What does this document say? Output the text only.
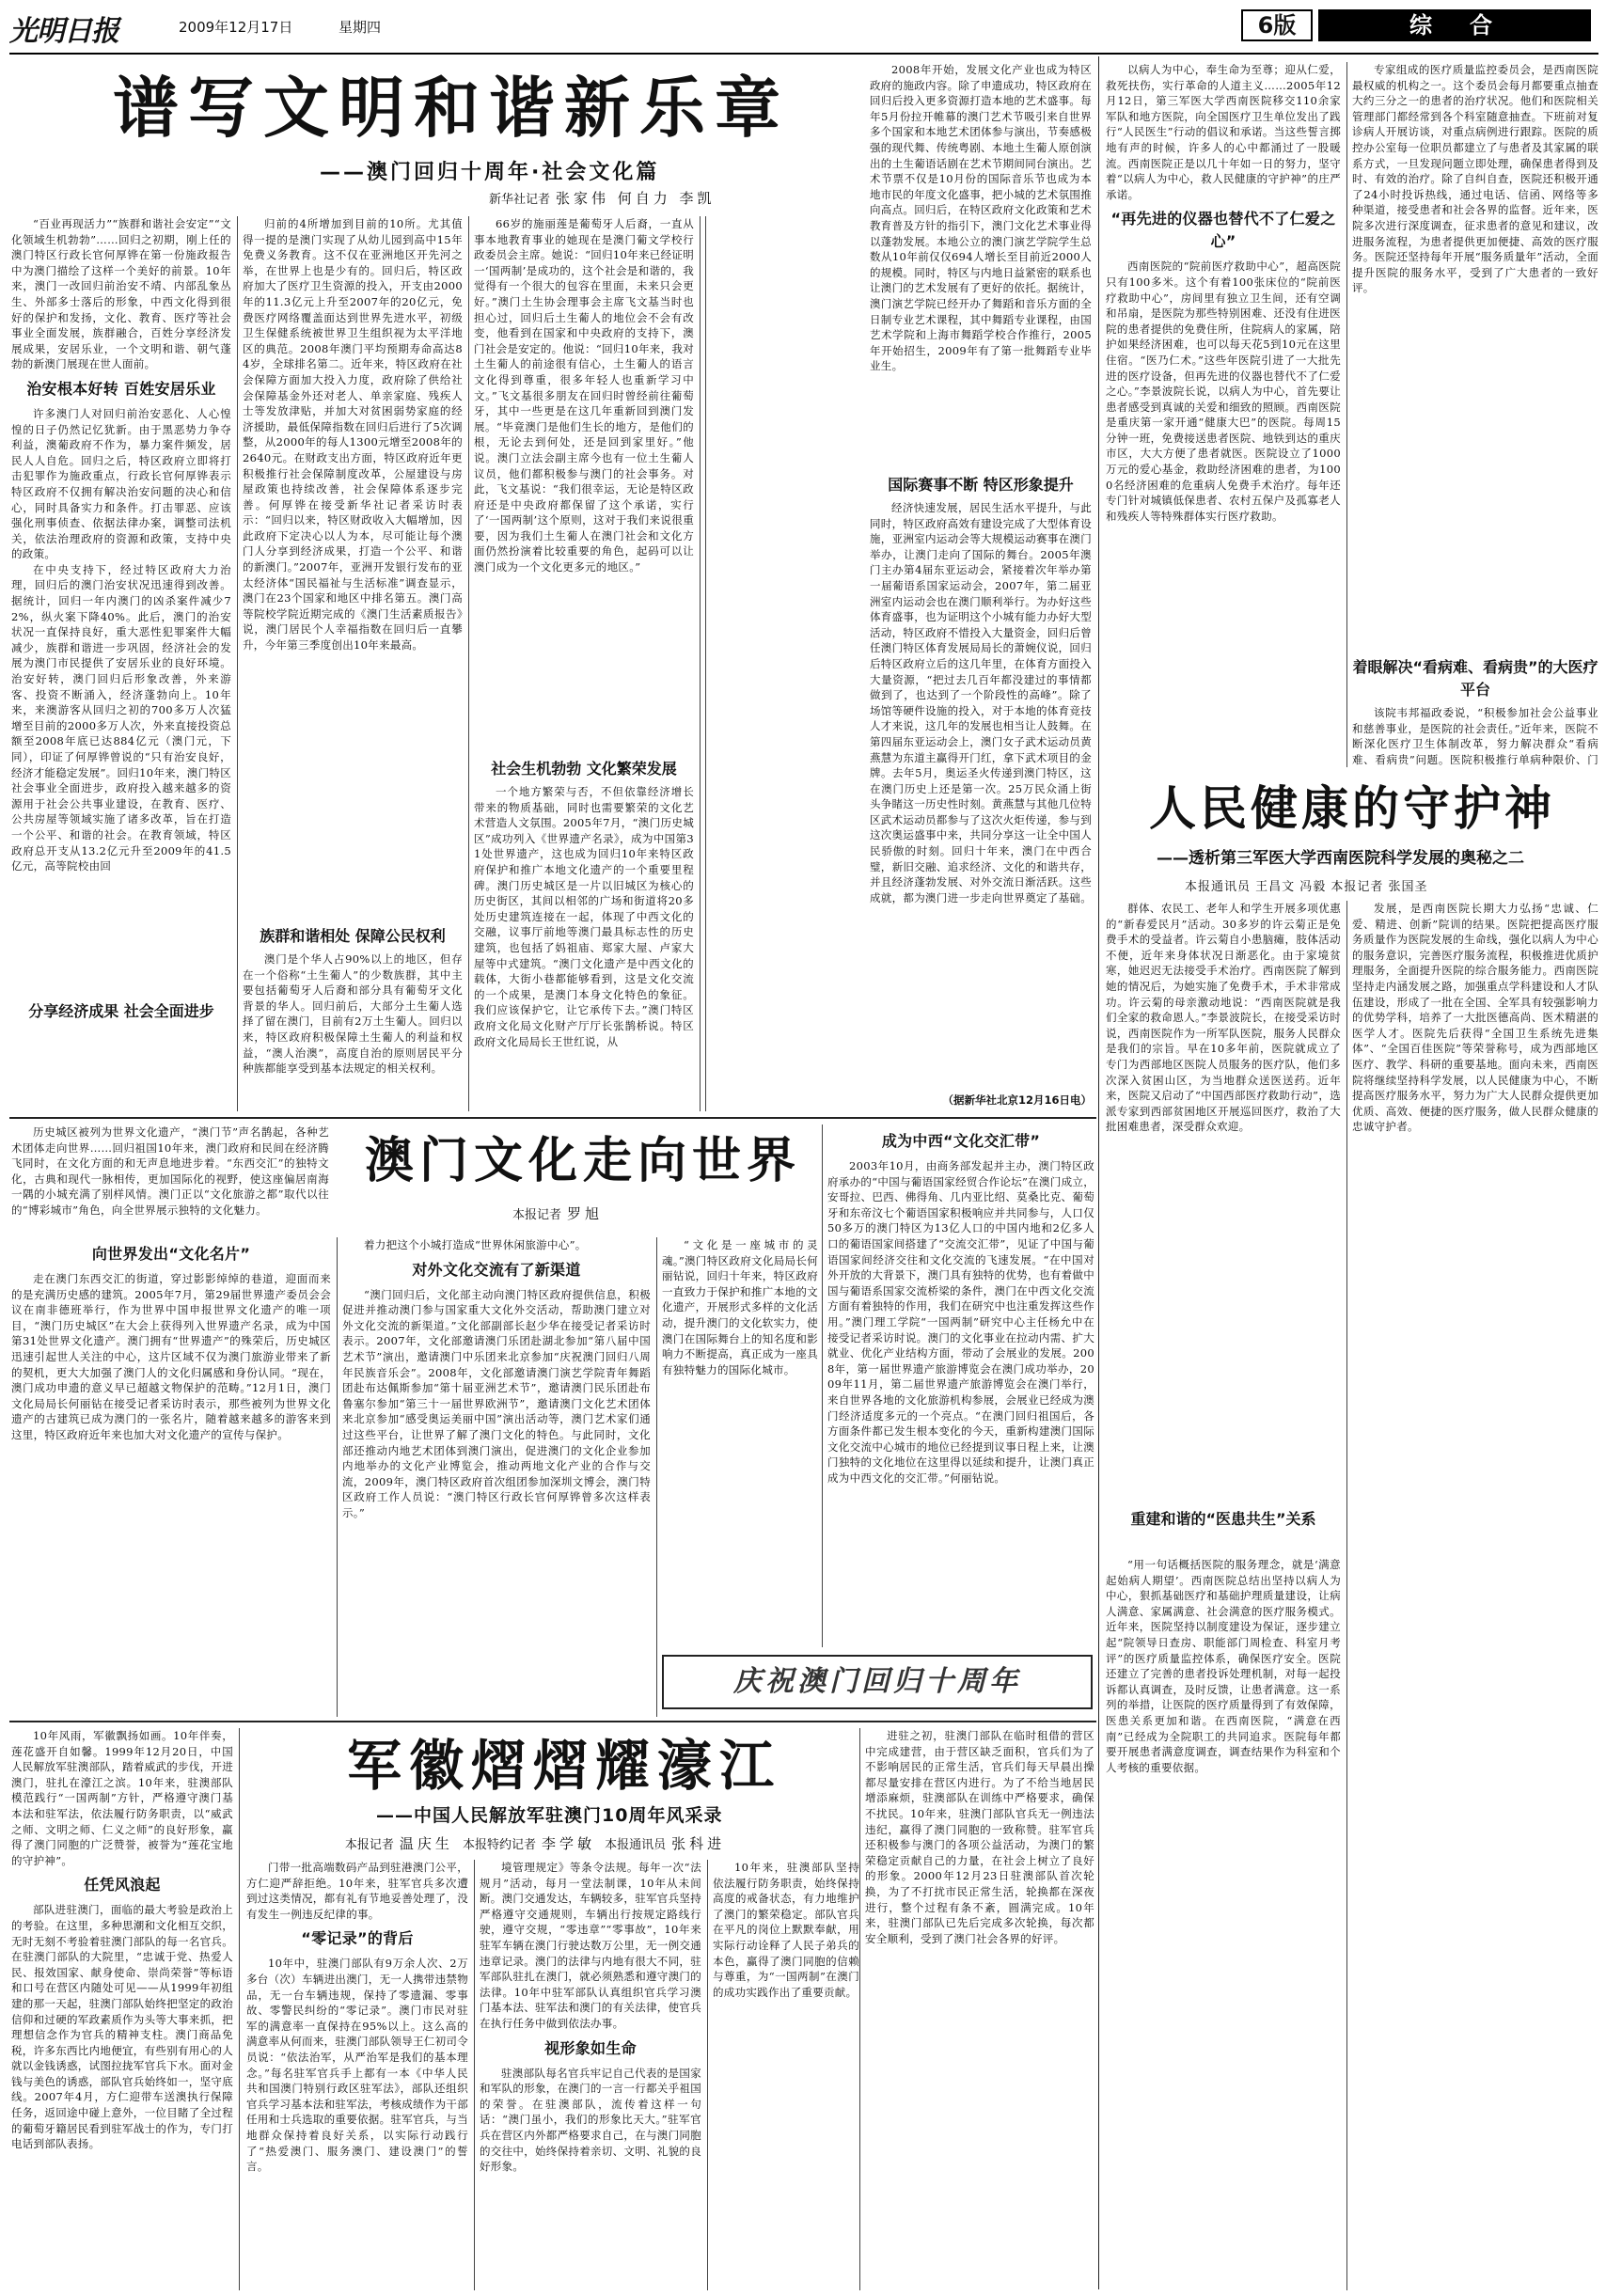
光明日报	2009年12月17日	星期四	6版	综　合
谱写文明和谐新乐章
——澳门回归十周年·社会文化篇
新华社记者 张家伟 何自力 李凯

“百业再现活力”“族群和谐社会安定”“文化领域生机勃勃”……回归之初期，刚上任的澳门特区行政长官何厚铧在第一份施政报告中为澳门描绘了这样一个美好的前景。10年来，澳门一改回归前治安不靖、内部乱象丛生、外部多士落后的形象，中西文化得到很好的保护和发扬，文化、教育、医疗等社会事业全面发展，族群融合，百姓分享经济发展成果，安居乐业，一个文明和谐、朝气蓬勃的新澳门展现在世人面前。

治安根本好转 百姓安居乐业

许多澳门人对回归前治安恶化、人心惶惶的日子仍然记忆犹新。由于黑恶势力争夺利益，澳葡政府不作为，暴力案件频发，居民人人自危。回归之后，特区政府立即将打击犯罪作为施政重点，行政长官何厚铧表示特区政府不仅拥有解决治安问题的决心和信心，同时具备实力和条件。打击罪恶、应该强化刑事侦查、依据法律办案，调整司法机关，依法治理政府的资源和政策，支持中央的政策。

在中央支持下，经过特区政府大力治理，回归后的澳门治安状况迅速得到改善。据统计，回归一年内澳门的凶杀案件减少72%，纵火案下降40%。此后，澳门的治安状况一直保持良好，重大恶性犯罪案件大幅减少，族群和谐进一步巩固，经济社会的发展为澳门市民提供了安居乐业的良好环境。治安好转，澳门回归后形象改善，外来游客、投资不断涌入，经济蓬勃向上。10年来，来澳游客从回归之初的700多万人次猛增至目前的2000多万人次，外来直接投资总额至2008年底已达884亿元（澳门元，下同），印证了何厚铧曾说的“只有治安良好，经济才能稳定发展”。回归10年来，澳门特区社会事业全面进步，政府投入越来越多的资源用于社会公共事业建设，在教育、医疗、公共房屋等领域实施了诸多改革，旨在打造一个公平、和谐的社会。在教育领域，特区政府总开支从13.2亿元升至2009年的41.5亿元，高等院校由回

分享经济成果 社会全面进步

归前的4所增加到目前的10所。尤其值得一提的是澳门实现了从幼儿园到高中15年免费义务教育。这不仅在亚洲地区开先河之举，在世界上也是少有的。回归后，特区政府加大了医疗卫生资源的投入，开支由2000年的11.3亿元上升至2007年的20亿元，免费医疗网络覆盖面达到世界先进水平，初级卫生保健系统被世界卫生组织视为太平洋地区的典范。2008年澳门平均预期寿命高达84岁，全球排名第二。近年来，特区政府在社会保障方面加大投入力度，政府除了供给社会保障基金外还对老人、单亲家庭、残疾人士等发放津贴，并加大对贫困弱势家庭的经济援助，最低保障指数在回归后进行了5次调整，从2000年的每人1300元增至2008年的2640元。在财政支出方面，特区政府近年更积极推行社会保障制度改革，公屋建设与房屋政策也持续改善，社会保障体系逐步完善。何厚铧在接受新华社记者采访时表示：“回归以来，特区财政收入大幅增加，因此政府下定决心以人为本，尽可能让每个澳门人分享到经济成果，打造一个公平、和谐的新澳门。”2007年，亚洲开发银行发布的亚太经济体“国民福祉与生活标准”调查显示，澳门在23个国家和地区中排名第五。澳门高等院校学院近期完成的《澳门生活素质报告》说，澳门居民个人幸福指数在回归后一直攀升，今年第三季度创出10年来最高。

族群和谐相处 保障公民权利

澳门是个华人占90%以上的地区，但存在一个俗称“土生葡人”的少数族群，其中主要包括葡萄牙人后裔和部分具有葡萄牙文化背景的华人。回归前后，大部分土生葡人选择了留在澳门，目前有2万土生葡人。回归以来，特区政府积极保障土生葡人的利益和权益，“澳人治澳”，高度自治的原则居民平分种族都能享受到基本法规定的相关权利。

66岁的施丽莲是葡萄牙人后裔，一直从事本地教育事业的她现在是澳门葡文学校行政委员会主席。她说：“回归10年来已经证明一‘国两制’是成功的，这个社会是和谐的，我觉得有一个很大的包容在里面，未来只会更好。”澳门土生协会理事会主席飞文基当时也担心过，回归后土生葡人的地位会不会有改变，他看到在国家和中央政府的支持下，澳门社会是安定的。他说：“回归10年来，我对土生葡人的前途很有信心，土生葡人的语言文化得到尊重，很多年轻人也重新学习中文。”飞文基很多朋友在回归时曾经前往葡萄牙，其中一些更是在这几年重新回到澳门发展。“毕竟澳门是他们生长的地方，是他们的根，无论去到何处，还是回到家里好。”他说。澳门立法会副主席今也有一位土生葡人议员，他们都积极参与澳门的社会事务。对此，飞文基说：“我们很幸运，无论是特区政府还是中央政府都保留了这个承诺，实行了‘一国两制’这个原则，这对于我们来说很重要，因为我们土生葡人在澳门社会和文化方面仍然扮演着比较重要的角色，起码可以让澳门成为一个文化更多元的地区。”

社会生机勃勃 文化繁荣发展

一个地方繁荣与否，不但依靠经济增长带来的物质基础，同时也需要繁荣的文化艺术营造人文氛围。2005年7月，“澳门历史城区”成功列入《世界遗产名录》，成为中国第31处世界遗产，这也成为回归10年来特区政府保护和推广本地文化遗产的一个重要里程碑。澳门历史城区是一片以旧城区为核心的历史街区，其间以相邻的广场和街道将20多处历史建筑连接在一起，体现了中西文化的交融，议事厅前地等澳门最具标志性的历史建筑，也包括了妈祖庙、郑家大屋、卢家大屋等中式建筑。“澳门文化遗产是中西文化的载体，大街小巷都能够看到，这是文化交流的一个成果，是澳门本身文化特色的象征。我们应该保护它，让它承传下去。”澳门特区政府文化局文化财产厅厅长张鹊桥说。特区政府文化局局长王世红说，从

2008年开始，发展文化产业也成为特区政府的施政内容。除了申遗成功，特区政府在回归后投入更多资源打造本地的艺术盛事。每年5月份拉开帷幕的澳门艺术节吸引来自世界多个国家和本地艺术团体参与演出，节奏感极强的现代舞、传统粤剧、本地土生葡人原创演出的土生葡语话剧在艺术节期间同台演出。艺术节票不仅是10月份的国际音乐节也成为本地市民的年度文化盛事，把小城的艺术氛围推向高点。回归后，在特区政府文化政策和艺术教育普及方针的指引下，澳门文化艺术事业得以蓬勃发展。本地公立的澳门演艺学院学生总数从10年前仅仅694人增长至目前近2000人的规模。同时，特区与内地日益紧密的联系也让澳门的艺术发展有了更好的依托。据统计，澳门演艺学院已经开办了舞蹈和音乐方面的全日制专业艺术课程，其中舞蹈专业课程，由国艺术学院和上海市舞蹈学校合作推行，2005年开始招生，2009年有了第一批舞蹈专业毕业生。

国际赛事不断 特区形象提升

经济快速发展，居民生活水平提升，与此同时，特区政府高效有建设完成了大型体育设施，亚洲室内运动会等大规模运动赛事在澳门举办，让澳门走向了国际的舞台。2005年澳门主办第4届东亚运动会，紧接着次年举办第一届葡语系国家运动会，2007年，第二届亚洲室内运动会也在澳门顺利举行。为办好这些体育盛事，也为证明这个小城有能力办好大型活动，特区政府不惜投入大量资金，回归后曾任澳门特区体育发展局局长的萧婉仪说，回归后特区政府立后的这几年里，在体育方面投入大量资源，“把过去几百年都没建过的事情都做到了，也达到了一个阶段性的高峰”。除了场馆等硬件设施的投入，对于本地的体育竞技人才来说，这几年的发展也相当让人鼓舞。在第四届东亚运动会上，澳门女子武术运动员黄燕慧为东道主赢得开门红，拿下武术项目的金牌。去年5月，奥运圣火传递到澳门特区，这在澳门历史上还是第一次。25万民众涌上街头争睹这一历史性时刻。黄燕慧与其他几位特区武术运动员都参与了这次火炬传递，参与到这次奥运盛事中来，共同分享这一让全中国人民骄傲的时刻。回归十年来，澳门在中西合璧，新旧交融、追求经济、文化的和谐共存，并且经济蓬勃发展、对外交流日渐活跃。这些成就，都为澳门进一步走向世界奠定了基础。

（据新华社北京12月16日电）

历史城区被列为世界文化遗产，“澳门节”声名鹊起，各种艺术团体走向世界……回归祖国10年来，澳门政府和民间在经济腾飞同时，在文化方面的和无声息地进步着。“东西交汇”的独特文化，古典和现代一脉相传，更加国际化的视野，使这座偏居南海一隅的小城充满了别样风情。澳门正以“文化旅游之都”取代以往的“博彩城市”角色，向全世界展示独特的文化魅力。

澳门文化走向世界
本报记者 罗旭
向世界发出“文化名片”

走在澳门东西交汇的街道，穿过影影绰绰的巷道，迎面而来的是充满历史感的建筑。2005年7月，第29届世界遗产委员会会议在南非德班举行，作为世界中国申报世界文化遗产的唯一项目，“澳门历史城区”在大会上获得列入世界遗产名录，成为中国第31处世界文化遗产。澳门拥有“世界遗产”的殊荣后，历史城区迅速引起世人关注的中心，这片区域不仅为澳门旅游业带来了新的契机，更大大加强了澳门人的文化归属感和身份认同。“现在，澳门成功申遗的意义早已超越文物保护的范畴。”12月1日，澳门文化局局长何丽钻在接受记者采访时表示，那些被列为世界文化遗产的古建筑已成为澳门的一张名片，随着越来越多的游客来到这里，特区政府近年来也加大对文化遗产的宣传与保护。

着力把这个小城打造成“世界休闲旅游中心”。

对外文化交流有了新渠道

“澳门回归后，文化部主动向澳门特区政府提供信息，积极促进并推动澳门参与国家重大文化外交活动，帮助澳门建立对外文化交流的新渠道。”文化部副部长赵少华在接受记者采访时表示。2007年，文化部邀请澳门乐团赴湖北参加“第八届中国艺术节”演出，邀请澳门中乐团来北京参加“庆祝澳门回归八周年民族音乐会”。2008年，文化部邀请澳门演艺学院青年舞蹈团赴布达佩斯参加“第十届亚洲艺术节”，邀请澳门民乐团赴布鲁塞尔参加“第三十一届世界欧洲节”，邀请澳门文化艺术团体来北京参加“感受奥运美丽中国”演出活动等，澳门艺术家们通过这些平台，让世界了解了澳门文化的特色。与此同时，文化部还推动内地艺术团体到澳门演出，促进澳门的文化企业参加内地举办的文化产业博览会，推动两地文化产业的合作与交流，2009年，澳门特区政府首次组团参加深圳文博会，澳门特区政府工作人员说：“澳门特区行政长官何厚铧曾多次这样表示。”

成为中西“文化交汇带”

2003年10月，由商务部发起并主办，澳门特区政府承办的“中国与葡语国家经贸合作论坛”在澳门成立，安哥拉、巴西、佛得角、几内亚比绍、莫桑比克、葡萄牙和东帝汶七个葡语国家积极响应并共同参与，人口仅50多万的澳门特区为13亿人口的中国内地和2亿多人口的葡语国家间搭建了“交流交汇带”，见证了中国与葡语国家间经济交往和文化交流的飞速发展。“在中国对外开放的大背景下，澳门具有独特的优势，也有着做中国与葡语系国家交流桥梁的条件，澳门在中西文化交流方面有着独特的作用，我们在研究中也注重发挥这些作用。”澳门理工学院“一国两制”研究中心主任杨允中在接受记者采访时说。澳门的文化事业在拉动内需、扩大就业、优化产业结构方面，带动了会展业的发展。2008年，第一届世界遗产旅游博览会在澳门成功举办，2009年11月，第二届世界遗产旅游博览会在澳门举行，来自世界各地的文化旅游机构参展，会展业已经成为澳门经济适度多元的一个亮点。“在澳门回归祖国后，各方面条件都已发生根本变化的今天，重新构建澳门国际文化交流中心城市的地位已经提到议事日程上来，让澳门独特的文化地位在这里得以延续和提升，让澳门真正成为中西文化的交汇带。”何丽钻说。

“文化是一座城市的灵魂。”澳门特区政府文化局局长何丽钻说，回归十年来，特区政府一直致力于保护和推广本地的文化遗产，开展形式多样的文化活动，提升澳门的文化软实力，使澳门在国际舞台上的知名度和影响力不断提高，真正成为一座具有独特魅力的国际化城市。

庆祝澳门回归十周年

10年风雨，军徽飘扬如画。10年伴奏，莲花盛开自如馨。1999年12月20日，中国人民解放军驻澳部队，踏着威武的步伐，开进澳门，驻扎在濠江之滨。10年来，驻澳部队模范践行“一国两制”方针，严格遵守澳门基本法和驻军法，依法履行防务职责，以“威武之师、文明之师、仁义之师”的良好形象，赢得了澳门同胞的广泛赞誉，被誉为“莲花宝地的守护神”。

任凭风浪起

部队进驻澳门，面临的最大考验是政治上的考验。在这里，多种思潮和文化相互交织，无时无刻不考验着驻澳门部队的每一名官兵。在驻澳门部队的大院里，“忠诚于党、热爱人民、报效国家、献身使命、崇尚荣誉”等标语和口号在营区内随处可见——从1999年初组建的那一天起，驻澳门部队始终把坚定的政治信仰和过硬的军政素质作为头等大事来抓，把理想信念作为官兵的精神支柱。澳门商品免税，许多东西比内地便宜，有些别有用心的人就以金钱诱惑，试图拉拢军官兵下水。面对金钱与美色的诱惑，部队官兵始终如一，坚守底线。2007年4月，方仁迎带车送澳执行保障任务，返回途中碰上意外，一位目睹了全过程的葡萄牙籍居民看到驻军战士的作为，专门打电话到部队表扬。

军徽熠熠耀濠江
——中国人民解放军驻澳门10周年风采录
本报记者 温庆生 本报特约记者 李学敏 本报通讯员 张科进

门带一批高端数码产品到驻港澳门公平，方仁迎严辞拒绝。10年来，驻军官兵多次遭到过这类情况，都有礼有节地妥善处理了，没有发生一例违反纪律的事。

“零记录”的背后

10年中，驻澳门部队有9万余人次、2万多台（次）车辆进出澳门，无一人携带违禁物品，无一台车辆违规，保持了零遗漏、零事故、零警民纠纷的“零记录”。澳门市民对驻军的满意率一直保持在95%以上。这么高的满意率从何而来，驻澳门部队领导王仁初司令员说：“依法治军，从严治军是我们的基本理念。”每名驻军官兵手上都有一本《中华人民共和国澳门特别行政区驻军法》，部队还组织官兵学习基本法和驻军法，考核成绩作为干部任用和士兵选取的重要依据。驻军官兵，与当地群众保持着良好关系，以实际行动践行了“热爱澳门、服务澳门、建设澳门”的誓言。

境管理规定》等条令法规。每年一次“法规月”活动，每月一堂法制课，10年从未间断。澳门交通发达，车辆较多，驻军官兵坚持严格遵守交通规则，车辆出行按规定路线行驶，遵守交规，“零违章”“零事故”，10年来驻军车辆在澳门行驶达数万公里，无一例交通违章记录。澳门的法律与内地有很大不同，驻军部队驻扎在澳门，就必须熟悉和遵守澳门的法律。10年中驻军部队认真组织官兵学习澳门基本法、驻军法和澳门的有关法律，使官兵在执行任务中做到依法办事。

视形象如生命

驻澳部队每名官兵牢记自己代表的是国家和军队的形象，在澳门的一言一行都关乎祖国的荣誉。在驻澳部队，流传着这样一句话：“澳门虽小，我们的形象比天大。”驻军官兵在营区内外都严格要求自己，在与澳门同胞的交往中，始终保持着亲切、文明、礼貌的良好形象。

进驻之初，驻澳门部队在临时租借的营区中完成建营，由于营区缺乏面积，官兵们为了不影响居民的正常生活，官兵们每天早晨出操都尽量安排在营区内进行。为了不给当地居民增添麻烦，驻澳部队在训练中严格要求，确保不扰民。10年来，驻澳门部队官兵无一例违法违纪，赢得了澳门同胞的一致称赞。驻军官兵还积极参与澳门的各项公益活动，为澳门的繁荣稳定贡献自己的力量，在社会上树立了良好的形象。2000年12月23日驻澳部队首次轮换，为了不打扰市民正常生活，轮换都在深夜进行，整个过程有条不紊，圆满完成。10年来，驻澳门部队已先后完成多次轮换，每次都安全顺利，受到了澳门社会各界的好评。

10年来，驻澳部队坚持依法履行防务职责，始终保持高度的戒备状态，有力地维护了澳门的繁荣稳定。部队官兵在平凡的岗位上默默奉献，用实际行动诠释了人民子弟兵的本色，赢得了澳门同胞的信赖与尊重，为“一国两制”在澳门的成功实践作出了重要贡献。

以病人为中心，奉生命为至尊；迎从仁爱，救死扶伤，实行革命的人道主义……2005年12月12日，第三军医大学西南医院移交110余家军队和地方医院，向全国医疗卫生单位发出了践行“人民医生”行动的倡议和承诺。当这些誓言掷地有声的时候，许多人的心中都涌过了一股暖流。西南医院正是以几十年如一日的努力，坚守着“以病人为中心，救人民健康的守护神”的庄严承诺。

“再先进的仪器也替代不了仁爱之心”

西南医院的“院前医疗救助中心”，超高医院只有100多米。这个有着100张床位的“院前医疗救助中心”，房间里有独立卫生间，还有空调和吊扇，是医院为那些特别困难、还没有住进医院的患者提供的免费住所，住院病人的家属，陪护如果经济困难，也可以每天花5到10元在这里住宿。“医乃仁术。”这些年医院引进了一大批先进的医疗设备，但再先进的仪器也替代不了仁爱之心。”李景波院长说，以病人为中心，首先要让患者感受到真诚的关爱和细致的照顾。西南医院是重庆第一家开通“健康大巴”的医院。每周15分钟一班，免费接送患者医院、地铁到达的重庆市区，大大方便了患者就医。医院设立了1000万元的爱心基金，救助经济困难的患者，为1000名经济困难的危重病人免费手术治疗。每年还专门针对城镇低保患者、农村五保户及孤寡老人和残疾人等特殊群体实行医疗救助。

专家组成的医疗质量监控委员会，是西南医院最权威的机构之一。这个委员会每月都要重点抽查大约三分之一的患者的治疗状况。他们和医院相关管理部门都经常到各个科室随意抽查。下班前对复诊病人开展访谈，对重点病例进行跟踪。医院的质控办公室每一位职员都建立了与患者及其家属的联系方式，一旦发现问题立即处理，确保患者得到及时、有效的治疗。除了自纠自查，医院还积极开通了24小时投诉热线，通过电话、信函、网络等多种渠道，接受患者和社会各界的监督。近年来，医院多次进行深度调查，征求患者的意见和建议，改进服务流程，为患者提供更加便捷、高效的医疗服务。医院还坚持每年开展“服务质量年”活动，全面提升医院的服务水平，受到了广大患者的一致好评。

着眼解决“看病难、看病贵”的大医疗平台

该院韦邦福政委说，“积极参加社会公益事业和慈善事业，是医院的社会责任。”近年来，医院不断深化医疗卫生体制改革，努力解决群众“看病难、看病贵”问题。医院积极推行单病种限价、门

人民健康的守护神
——透析第三军医大学西南医院科学发展的奥秘之二
本报通讯员 王昌文 冯毅 本报记者 张国圣

群体、农民工、老年人和学生开展多项优惠的“新春爱民月”活动。30多岁的许云菊正是免费手术的受益者。许云菊自小患脑瘫，肢体活动不便，近年来身体状况日渐恶化。由于家境贫寒，她迟迟无法接受手术治疗。西南医院了解到她的情况后，为她实施了免费手术，手术非常成功。许云菊的母亲激动地说：“西南医院就是我们全家的救命恩人。”李景波院长，在接受采访时说，西南医院作为一所军队医院，服务人民群众是我们的宗旨。早在10多年前，医院就成立了专门为西部地区医院人员服务的医疗队，他们多次深入贫困山区，为当地群众送医送药。近年来，医院又启动了“中国西部医疗救助行动”，选派专家到西部贫困地区开展巡回医疗，救治了大批困难患者，深受群众欢迎。

重建和谐的“医患共生”关系

“用一句话概括医院的服务理念，就是‘满意起始病人期望’。西南医院总结出坚持以病人为中心，狠抓基础医疗和基础护理质量建设，让病人满意、家属满意、社会满意的医疗服务模式。近年来，医院坚持以制度建设为保证，逐步建立起“院领导日查房、职能部门周检查、科室月考评”的医疗质量监控体系，确保医疗安全。医院还建立了完善的患者投诉处理机制，对每一起投诉都认真调查，及时反馈，让患者满意。这一系列的举措，让医院的医疗质量得到了有效保障，医患关系更加和谐。在西南医院，“满意在西南”已经成为全院职工的共同追求。医院每年都要开展患者满意度调查，调查结果作为科室和个人考核的重要依据。

发展，是西南医院长期大力弘扬“忠诚、仁爱、精进、创新”院训的结果。医院把提高医疗服务质量作为医院发展的生命线，强化以病人为中心的服务意识，完善医疗服务流程，积极推进优质护理服务，全面提升医院的综合服务能力。西南医院坚持走内涵发展之路，加强重点学科建设和人才队伍建设，形成了一批在全国、全军具有较强影响力的优势学科，培养了一大批医德高尚、医术精湛的医学人才。医院先后获得“全国卫生系统先进集体”、“全国百佳医院”等荣誉称号，成为西部地区医疗、教学、科研的重要基地。面向未来，西南医院将继续坚持科学发展，以人民健康为中心，不断提高医疗服务水平，努力为广大人民群众提供更加优质、高效、便捷的医疗服务，做人民群众健康的忠诚守护者。
